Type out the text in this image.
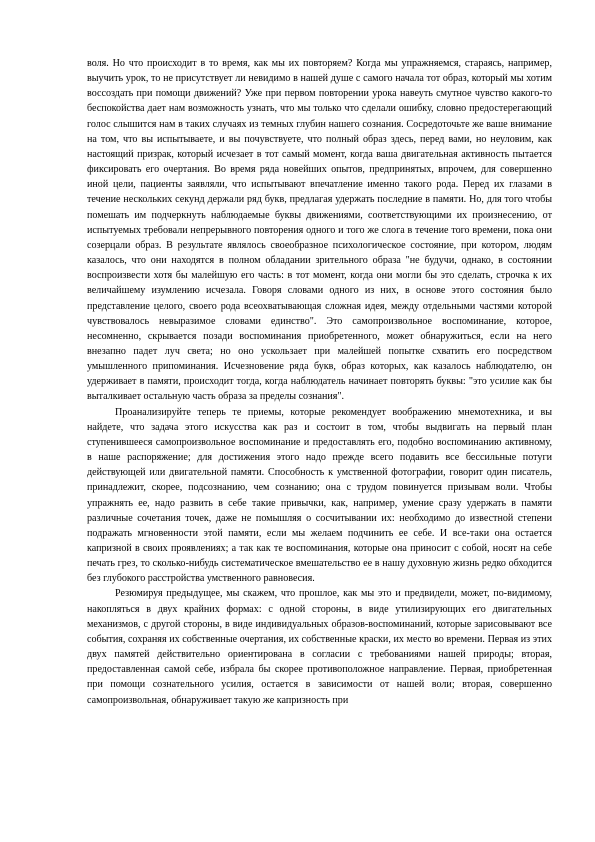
воля. Но что происходит в то время, как мы их повторяем? Когда мы упражняемся, стараясь, например, выучить урок, то не присутствует ли невидимо в нашей душе с самого начала тот образ, который мы хотим воссоздать при помощи движений? Уже при первом повторении урока навеуть смутное чувство какого-то беспокойства дает нам возможность узнать, что мы только что сделали ошибку, словно предостерегающий голос слышится нам в таких случаях из темных глубин нашего сознания. Сосредоточьте же ваше внимание на том, что вы испытываете, и вы почувствуете, что полный образ здесь, перед вами, но неуловим, как настоящий призрак, который исчезает в тот самый момент, когда ваша двигательная активность пытается фиксировать его очертания. Во время ряда новейших опытов, предпринятых, впрочем, для совершенно иной цели, пациенты заявляли, что испытывают впечатление именно такого рода. Перед их глазами в течение нескольких секунд держали ряд букв, предлагая удержать последние в памяти. Но, для того чтобы помешать им подчеркнуть наблюдаемые буквы движениями, соответствующими их произнесению, от испытуемых требовали непрерывного повторения одного и того же слога в течение того времени, пока они созерцали образ. В результате являлось своеобразное психологическое состояние, при котором, людям казалось, что они находятся в полном обладании зрительного образа "не будучи, однако, в состоянии воспроизвести хотя бы малейшую его часть: в тот момент, когда они могли бы это сделать, строчка к их величайшему изумлению исчезала. Говоря словами одного из них, в основе этого состояния было представление целого, своего рода всеохватывающая сложная идея, между отдельными частями которой чувствовалось невыразимое словами единство". Это самопроизвольное воспоминание, которое, несомненно, скрывается позади воспоминания приобретенного, может обнаружиться, если на него внезапно падет луч света; но оно ускользает при малейшей попытке схватить его посредством умышленного припоминания. Исчезновение ряда букв, образ которых, как казалось наблюдателю, он удерживает в памяти, происходит тогда, когда наблюдатель начинает повторять буквы: "это усилие как бы выталкивает остальную часть образа за пределы сознания".

Проанализируйте теперь те приемы, которые рекомендует воображению мнемотехника, и вы найдете, что задача этого искусства как раз и состоит в том, чтобы выдвигать на первый план ступенившееся самопроизвольное воспоминание и предоставлять его, подобно воспоминанию активному, в наше распоряжение; для достижения этого надо прежде всего подавить все бессильные потуги действующей или двигательной памяти. Способность к умственной фотографии, говорит один писатель, принадлежит, скорее, подсознанию, чем сознанию; она с трудом повинуется призывам воли. Чтобы упражнять ее, надо развить в себе такие привычки, как, например, умение сразу удержать в памяти различные сочетания точек, даже не помышляя о сосчитывании их: необходимо до известной степени подражать мгновенности этой памяти, если мы желаем подчинить ее себе. И все-таки она остается капризной в своих проявлениях; а так как те воспоминания, которые она приносит с собой, носят на себе печать грез, то сколько-нибудь систематическое вмешательство ее в нашу духовную жизнь редко обходится без глубокого расстройства умственного равновесия.

Резюмируя предыдущее, мы скажем, что прошлое, как мы это и предвидели, может, по-видимому, накопляться в двух крайних формах: с одной стороны, в виде утилизирующих его двигательных механизмов, с другой стороны, в виде индивидуальных образов-воспоминаний, которые зарисовывают все события, сохраняя их собственные очертания, их собственные краски, их место во времени. Первая из этих двух памятей действительно ориентирована в согласии с требованиями нашей природы; вторая, предоставленная самой себе, избрала бы скорее противоположное направление. Первая, приобретенная при помощи сознательного усилия, остается в зависимости от нашей воли; вторая, совершенно самопроизвольная, обнаруживает такую же капризность при
